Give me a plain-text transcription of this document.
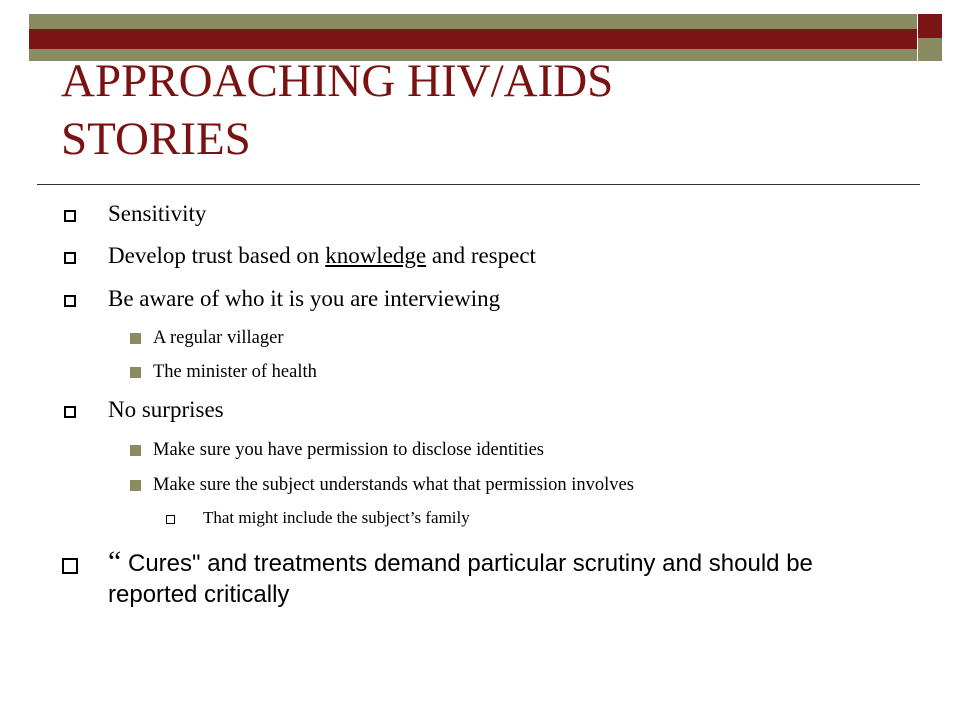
APPROACHING HIV/AIDS
STORIES
Sensitivity
Develop trust based on knowledge and respect
Be aware of who it is you are interviewing
A regular villager
The minister of health
No surprises
Make sure you have permission to disclose identities
Make sure the subject understands what that permission involves
That might include the subject’s family
“ Cures" and treatments demand particular scrutiny and should be reported critically
